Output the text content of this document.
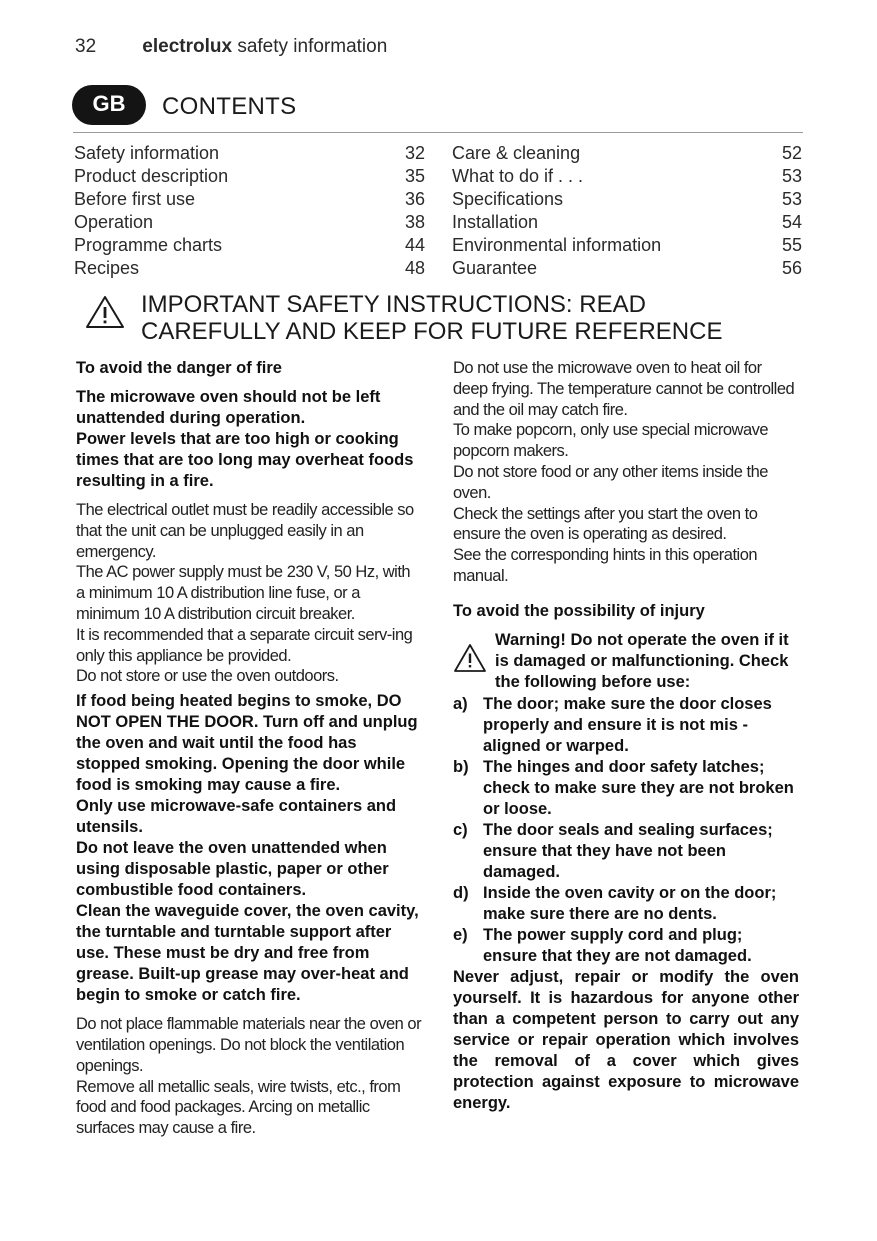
32 electrolux safety information
GB	CONTENTS
Safety information	32
Product description	35
Before first use	36
Operation	38
Programme charts	44
Recipes	48
Care & cleaning	52
What to do if . . .	53
Specifications	53
Installation	54
Environmental information	55
Guarantee	56
IMPORTANT SAFETY INSTRUCTIONS: READ
CAREFULLY AND KEEP FOR FUTURE REFERENCE
To avoid the danger of fire
The microwave oven should not be left unattended during operation.
Power levels that are too high or cooking times that are too long may overheat foods resulting in a fire.
The electrical outlet must be readily accessible so that the unit can be unplugged easily in an emergency.
The AC power supply must be 230 V, 50 Hz, with a minimum 10 A distribution line fuse, or a minimum 10 A distribution circuit breaker.
It is recommended that a separate circuit serv-ing only this appliance be provided.
Do not store or use the oven outdoors.
If food being heated begins to smoke, DO NOT OPEN THE DOOR. Turn off and unplug the oven and wait until the food has stopped smoking. Opening the door while food is smoking may cause a fire.
Only use microwave-safe containers and utensils.
Do not leave the oven unattended when using disposable plastic, paper or other combustible food containers.
Clean the waveguide cover, the oven cavity, the turntable and turntable support after use. These must be dry and free from grease. Built-up grease may over-heat and begin to smoke or catch fire.
Do not place flammable materials near the oven or ventilation openings. Do not block the ventilation openings.
Remove all metallic seals, wire twists, etc., from food and food packages. Arcing on metallic surfaces may cause a fire.
Do not use the microwave oven to heat oil for deep frying. The temperature cannot be controlled and the oil may catch fire.
To make popcorn, only use special microwave popcorn makers.
Do not store food or any other items inside the oven.
Check the settings after you start the oven to ensure the oven is operating as desired.
See the corresponding hints in this operation manual.
To avoid the possibility of injury
Warning! Do not operate the oven if it is damaged or malfunctioning. Check the following before use:
a) The door; make sure the door closes properly and ensure it is not mis - aligned or warped.
b) The hinges and door safety latches; check to make sure they are not broken or loose.
c) The door seals and sealing surfaces; ensure that they have not been damaged.
d) Inside the oven cavity or on the door; make sure there are no dents.
e) The power supply cord and plug; ensure that they are not damaged.
Never adjust, repair or modify the oven yourself. It is hazardous for anyone other than a competent person to carry out any service or repair operation which involves the removal of a cover which gives protection against exposure to microwave energy.
